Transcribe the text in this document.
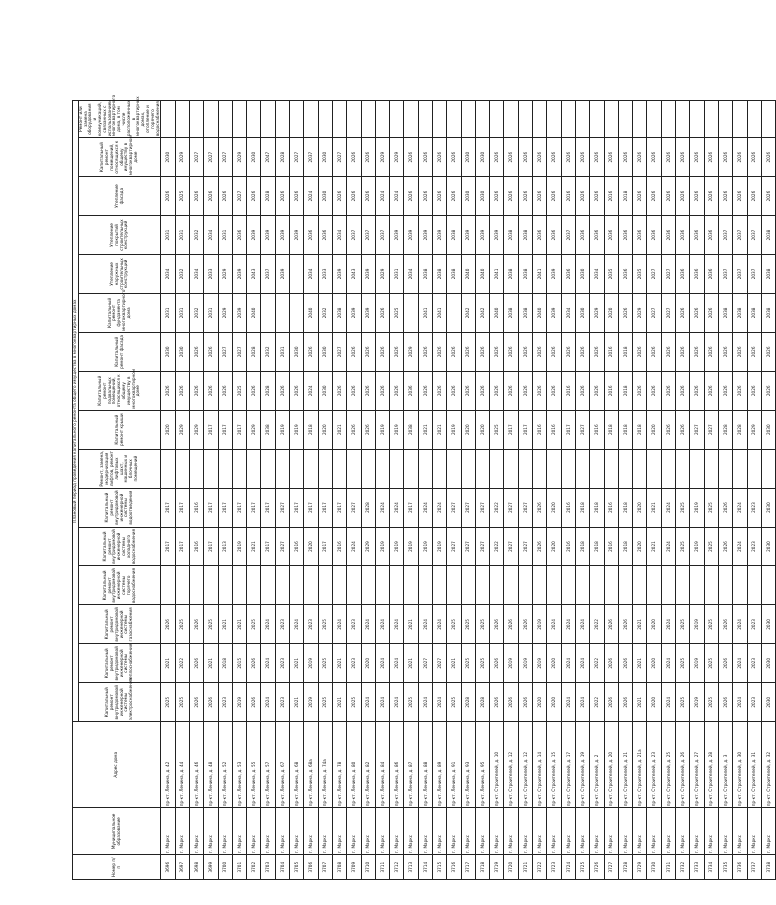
Номер п/п	Муниципальное образование	Адрес дома	Плановый период проведения капитального ремонта общего имущества в многоквартирных домах															
			Капитальный ремонт внутридомовой инженерной системы электроснабжения	Капитальный ремонт внутридомовой инженерной системы теплоснабжения	Капитальный ремонт внутридомовой инженерной системы газоснабжения	Капитальный ремонт внутридомовой инженерной системы горячего водоснабжения	Капитальный ремонт внутридомовой инженерной системы холодного водоснабжения	Капитальный ремонт внутридомовой инженерной системы водоотведения	Ремонт, замена, модернизация лифтов, ремонт лифтовых шахт, машинных и блочных помещений	Капитальный ремонт крыши	Капитальный ремонт подвальных помещений, относящихся к общему имуществу в многоквартирном доме	Капитальный ремонт фасада	Капитальный ремонт фундамента многоквартирного дома	Утепление наружных строительных конструкций	Утепление покрытий строительных конструкций	Утепление фасада	Капитальный ремонт помещений, относящихся к общему имуществу в многоквартирном доме	Ремонт или замена оборудования и коммуникаций, связанных с использованием многоквартирного дома, в том числе расположенных в многоквартирных домах, отопление и горячего водоснабжения
3696	г. Маркс	пр-кт. Ленина, д. 42	2025	2021	2026		2017	2017		2020	2026	2030	2031	2034	2031	2026	2030	
3697	г. Маркс	пр-кт. Ленина, д. 44	2025	2022	2025		2017	2017		2029	2026	2030	2031	2032	2031	2025	2029	
3698	г. Маркс	пр-кт. Ленина, д. 46	2026	2026	2026		2016	2016		2029	2026	2026	2032	2034	2032	2026	2027	
3699	г. Маркс	пр-кт. Ленина, д. 48	2026	2021	2025		2017	2017		2017	2026	2026	2031	2033	2034	2026	2027	
3700	г. Маркс	пр-кт. Ленина, д. 52	2023	2018	2021		2013	2017		2017	2026	2027	2029	2029	2031	2026	2027	
3701	г. Маркс	пр-кт. Ленина, д. 53	2019	2015	2021		2019	2017		2017	2025	2027	2039	2039	2036	2027	2029	
3702	г. Маркс	пр-кт. Ленина, д. 55	2026	2026	2025		2021	2017		2029	2026	2028	2040	2043	2039	2026	2030	
3703	г. Маркс	пр-кт. Ленина, д. 57	2024	2024	2024		2017	2017		2038	2028	2032		2037	2039	2028	2047	
3704	г. Маркс	пр-кт. Ленина, д. 67	2023	2023	2023		2027	2027		2019	2026	2031		2039	2039	2026	2028	
3705	г. Маркс	пр-кт. Ленина, д. 68	2021	2021	2024		2016	2017		2019	2026	2030			2039	2026	2027	
3706	г. Маркс	пр-кт. Ленина, д. 68а	2019	2019	2023		2020	2017		2018	2024	2026	2040	2034	2036	2024	2037	
3707	г. Маркс	пр-кт. Ленина, д. 74а	2025	2025	2025		2017	2017		2020	2030	2030	2032	2033	2036	2030	2030	
3708	г. Маркс	пр-кт. Ленина, д. 78	2021	2021	2024		2016	2017		2021	2026	2027	2038	2039	2034	2026	2027	
3709	г. Маркс	пр-кт. Ленина, д. 80	2025	2023	2023		2024	2027		2026	2026	2026	2039	2043	2037	2026	2026	
3710	г. Маркс	пр-кт. Ленина, д. 82	2024	2020	2024		2029	2028		2026	2026	2026	2039	2039	2037	2026	2026	
3711	г. Маркс	пр-кт. Ленина, д. 84	2024	2024	2024		2019	2024		2019	2026	2026	2026	2029	2037	2024	2029	
3712	г. Маркс	пр-кт. Ленина, д. 86	2024	2024	2024		2019	2024		2019	2026	2026	2025	2031	2039	2024	2029	
3713	г. Маркс	пр-кт. Ленина, д. 87	2025	2021	2021		2019	2017		2038	2036	2029		2034	2039	2026	2026	
3714	г. Маркс	пр-кт. Ленина, д. 88	2024	2027	2024		2019	2024		2021	2026	2026	2041	2038	2039	2026	2026	
3715	г. Маркс	пр-кт. Ленина, д. 89	2024	2027	2024		2019	2024		2021	2026	2026	2041	2038	2039	2026	2026	
3716	г. Маркс	пр-кт. Ленина, д. 91	2025	2021	2025		2027	2027		2019	2026	2026		2038	2038	2026	2026	
3717	г. Маркс	пр-кт. Ленина, д. 93	2028	2025	2025		2027	2027		2020	2026	2026	2042	2040	2039	2030	2030	
3718	г. Маркс	пр-кт. Ленина, д. 95	2028	2025	2025		2027	2027		2020	2026	2026	2042	2040	2039	2030	2030	
3719	г. Маркс	пр-кт. Строителей, д. 10	2026	2026	2026		2022	2022		2025	2026	2026	2040	2041	2039	2026	2026	
3720	г. Маркс	пр-кт. Строителей, д. 12	2026	2019	2026		2027	2027		2017	2026	2026	2038	2038	2038	2026	2026	
3721	г. Маркс	пр-кт. Строителей, д. 12	2026	2019	2026		2027	2027		2017	2026	2026	2038	2038	2038	2026	2026	
3722	г. Маркс	пр-кт. Строителей, д. 14	2020	2019	2019		2026	2026		2016	2026	2026	2040	2041	2036	2026	2026	
3723	г. Маркс	пр-кт. Строителей, д. 15	2020	2020	2024		2020	2020		2016	2026	2026	2039	2039	2036	2026	2026	
3724	г. Маркс	пр-кт. Строителей, д. 17	2024	2024	2024		2016	2016		2017	2016	2026	2034	2036	2037	2016	2026	
3725	г. Маркс	пр-кт. Строителей, д. 19	2024	2024	2024		2018	2018		2027	2026	2026	2030	2030	2036	2026	2026	
3726	г. Маркс	пр-кт. Строителей, д. 2	2022	2022	2022		2018	2018		2016	2026	2026	2029	2034	2036	2026	2026	
3727	г. Маркс	пр-кт. Строителей, д. 20	2026	2026	2026		2016	2016		2018	2016	2016	2020	2035	2036	2016	2026	
3728	г. Маркс	пр-кт. Строителей, д. 21	2026	2026	2026		2018	2018		2018	2018	2018	2026	2036	2036	2018	2026	
3729	г. Маркс	пр-кт. Строителей, д. 21а	2021	2021	2021		2020	2020		2018	2026	2026	2029	2035	2036	2026	2026	
3730	г. Маркс	пр-кт. Строителей, д. 23	2020	2020	2020		2021	2021		2020	2026	2026	2027	2027	2036	2026	2026	
3731	г. Маркс	пр-кт. Строителей, д. 25	2024	2024	2024		2024	2024		2026	2026	2026	2027	2027	2036	2026	2026	
3732	г. Маркс	пр-кт. Строителей, д. 26	2025	2025	2025		2025	2025		2026	2026	2026	2026	2036	2036	2026	2026	
3733	г. Маркс	пр-кт. Строителей, д. 27	2019	2019	2019		2019	2019		2027	2026	2026	2026	2036	2036	2026	2026	
3734	г. Маркс	пр-кт. Строителей, д. 28	2025	2025	2025		2025	2025		2027	2026	2026	2026	2036	2036	2026	2026	
3735	г. Маркс	пр-кт. Строителей, д. 3	2026	2026	2026		2026	2026		2028	2026	2026	2038	2037	2037	2026	2026	
3736	г. Маркс	пр-кт. Строителей, д. 30	2024	2024	2024		2024	2024		2028	2026	2026	2038	2037	2037	2026	2026	
3737	г. Маркс	пр-кт. Строителей, д. 31	2023	2023	2023		2023	2023		2029	2026	2026	2038	2037	2037	2026	2026	
3738	г. Маркс	пр-кт. Строителей, д. 32	2030	2030	2030		2030	2030		2030	2026	2026	2038	2038	2038	2026	2026	
